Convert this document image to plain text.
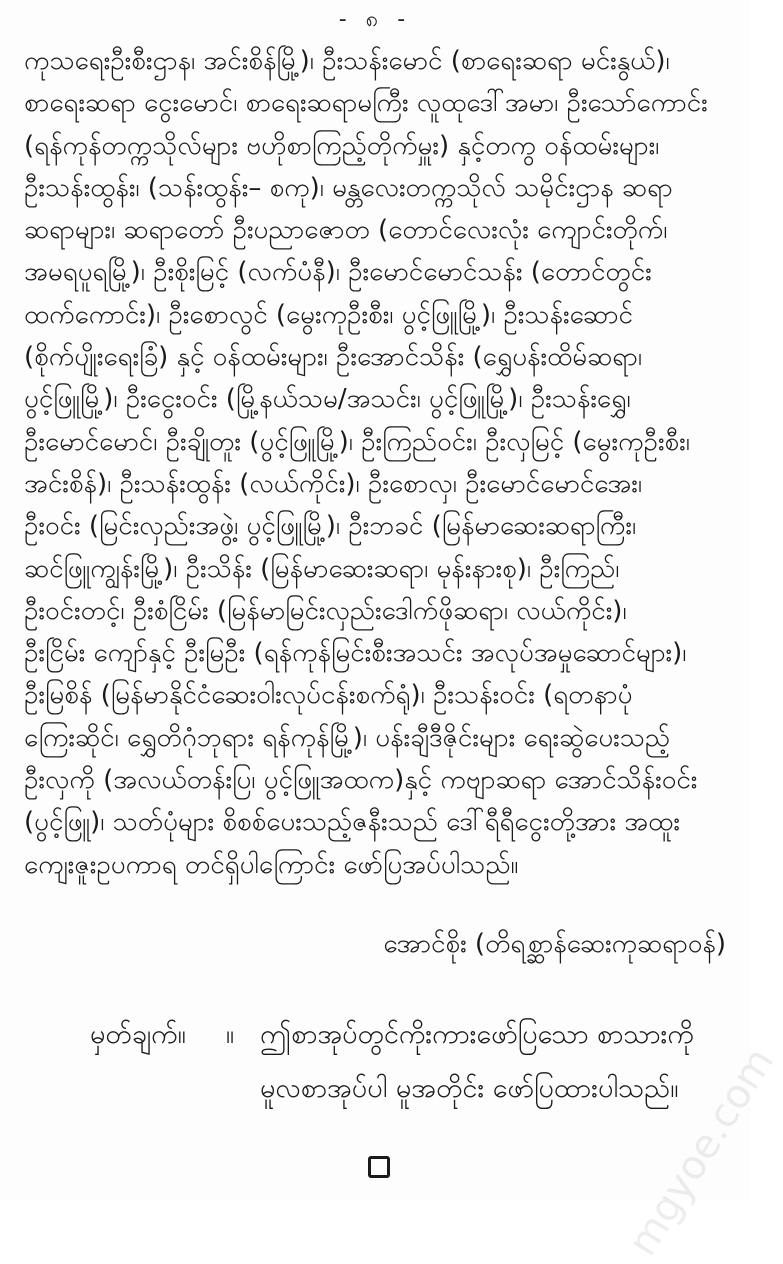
- ၈ -
ကုသရေးဦးစီးဌာန၊ အင်းစိန်မြို့)၊ ဦးသန်းမောင် (စာရေးဆရာ မင်းနွယ်)၊
စာရေးဆရာ ငွေးမောင်၊ စာရေးဆရာမကြီး လူထုဒေါ်အမာ၊ ဦးသော်ကောင်း
(ရန်ကုန်တက္ကသိုလ်များ ဗဟိုစာကြည့်တိုက်မှူး) နှင့်တကွ ဝန်ထမ်းများ၊
ဦးသန်းထွန်း၊ (သန်းထွန်း– စကု)၊ မန္တလေးတက္ကသိုလ် သမိုင်းဌာန ဆရာ
ဆရာများ၊ ဆရာတော် ဦးပညာဇောတ (တောင်လေးလုံး ကျောင်းတိုက်၊
အမရပူရမြို့)၊ ဦးစိုးမြင့် (လက်ပံနီ)၊ ဦးမောင်မောင်သန်း (တောင်တွင်း
ထက်ကောင်း)၊ ဦးစောလွင် (မွေးကုဦးစီး၊ ပွင့်ဖြူမြို့)၊ ဦးသန်းဆောင်
(စိုက်ပျိုးရေးခြံ) နှင့် ဝန်ထမ်းများ၊ ဦးအောင်သိန်း (ရွှေပန်းထိမ်ဆရာ၊
ပွင့်ဖြူမြို့)၊ ဦးငွေးဝင်း (မြို့နယ်သမ/အသင်း၊ ပွင့်ဖြူမြို့)၊ ဦးသန်းရွှေ၊
ဦးမောင်မောင်၊ ဦးချိုတူး (ပွင့်ဖြူမြို့)၊ ဦးကြည်ဝင်း၊ ဦးလှမြင့် (မွေးကုဦးစီး၊
အင်းစိန်)၊ ဦးသန်းထွန်း (လယ်ကိုင်း)၊ ဦးစောလှ၊ ဦးမောင်မောင်အေး၊
ဦးဝင်း (မြင်းလှည်းအဖွဲ့၊ ပွင့်ဖြူမြို့)၊ ဦးဘခင် (မြန်မာဆေးဆရာကြီး၊
ဆင်ဖြူကျွန်းမြို့)၊ ဦးသိန်း (မြန်မာဆေးဆရာ၊ မုန်းနားစု)၊ ဦးကြည်၊
ဦးဝင်းတင့်၊ ဦးစံငြိမ်း (မြန်မာမြင်းလှည်းဒေါက်ဖိုဆရာ၊ လယ်ကိုင်း)၊
ဦးငြိမ်း ကျော်နှင့် ဦးမြဦး (ရန်ကုန်မြင်းစီးအသင်း အလုပ်အမှုဆောင်များ)၊
ဦးမြစိန် (မြန်မာနိုင်ငံဆေးဝါးလုပ်ငန်းစက်ရုံ)၊ ဦးသန်းဝင်း (ရတနာပုံ
ကြေးဆိုင်၊ ရွှေတိဂုံဘုရား ရန်ကုန်မြို့)၊ ပန်းချီဒီဇိုင်းများ ရေးဆွဲပေးသည့်
ဦးလှကို (အလယ်တန်းပြ၊ ပွင့်ဖြူအထက)နှင့် ကဗျာဆရာ အောင်သိန်းဝင်း
(ပွင့်ဖြူ)၊ သတ်ပုံများ စိစစ်ပေးသည့်ဇနီးသည် ဒေါ်ရီရီငွေးတို့အား အထူး
ကျေးဇူးဥပကာရ တင်ရှိပါကြောင်း ဖော်ပြအပ်ပါသည်။
အောင်စိုး (တိရစ္ဆာန်ဆေးကုဆရာဝန်)
မှတ်ချက်။	။ ဤစာအုပ်တွင်ကိုးကားဖော်ပြသော စာသားကို
မူလစာအုပ်ပါ မူအတိုင်း ဖော်ပြထားပါသည်။
mgyoe.com
